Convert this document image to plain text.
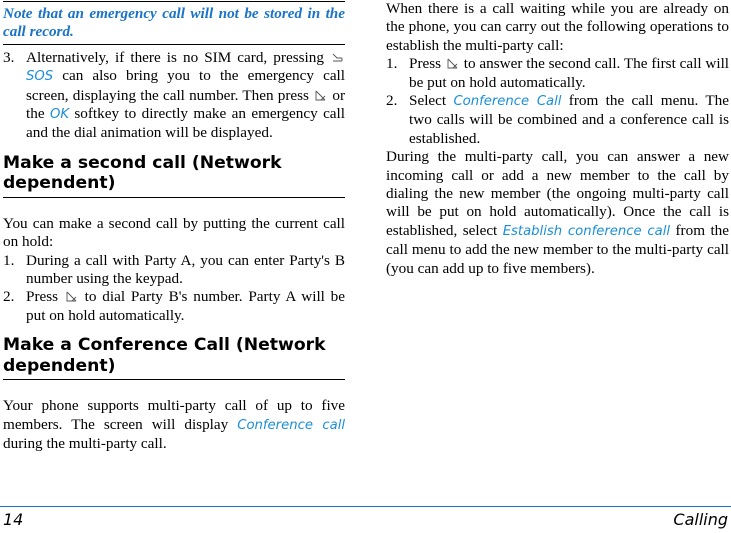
Note that an emergency call will not be stored in the call record.

3. Alternatively, if there is no SIM card, pressing
SOS can also bring you to the emergency call screen, displaying the call number. Then press or the OK softkey to directly make an emergency call and the dial animation will be displayed.
Make a second call (Network dependent)

You can make a second call by putting the current call on hold:

1. During a call with Party A, you can enter Party's B number using the keypad.
2. Press to dial Party B's number. Party A will be put on hold automatically.
Make a Conference Call (Network dependent)

Your phone supports multi-party call of up to five members. The screen will display Conference call during the multi-party call.

When there is a call waiting while you are already on the phone, you can carry out the following operations to establish the multi-party call:

1. Press to answer the second call. The first call will be put on hold automatically.
2. Select Conference Call from the call menu. The two calls will be combined and a conference call is established.

During the multi-party call, you can answer a new incoming call or add a new member to the call by dialing the new member (the ongoing multi-party call will be put on hold automatically). Once the call is established, select Establish conference call from the call menu to add the new member to the multi-party call (you can add up to five members).

14	Calling
